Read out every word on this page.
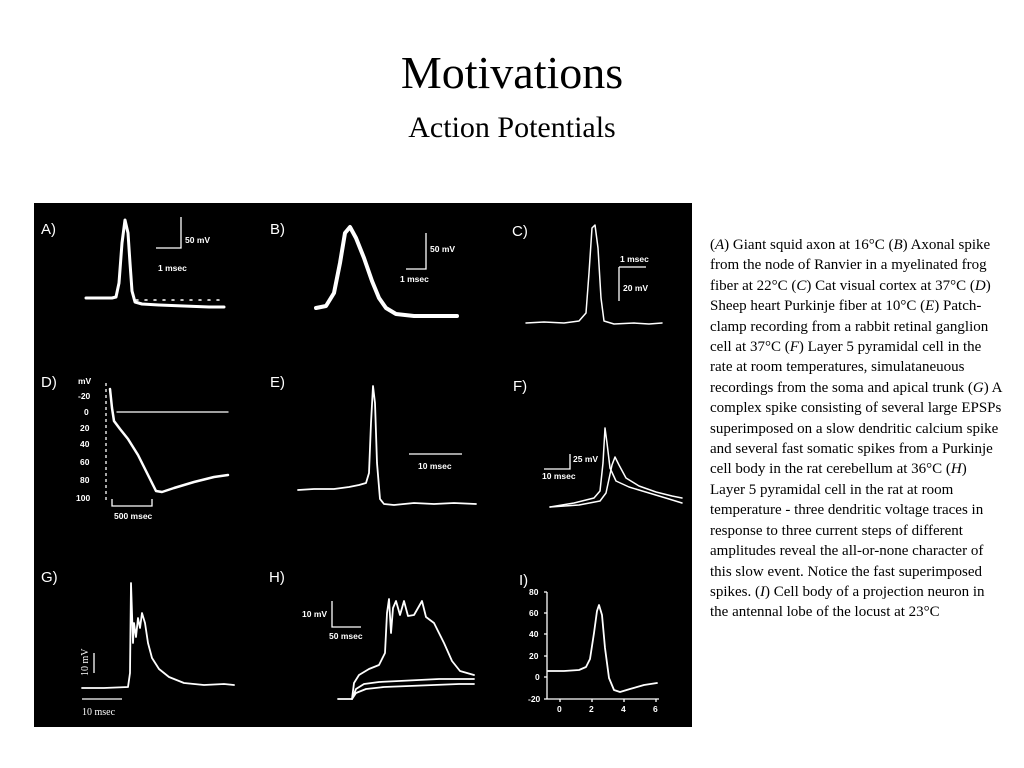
Motivations
Action Potentials
A)
50 mV
1 msec
B)
50 mV
1 msec
C)
1 msec
20 mV
D) mV
-20
0
20
40
60
80
100
500 msec
E)
10 msec
F)
25 mV
10 msec
G)
10 mV
10 msec
H)
10 mV
50 msec
I)
80
60
40
20
0
-20
0	2	4	6
(A) Giant squid axon at 16°C (B) Axonal spike from the node of Ranvier in a myelinated frog fiber at 22°C (C) Cat visual cortex at 37°C (D) Sheep heart Purkinje fiber at 10°C (E) Patch-clamp recording from a rabbit retinal ganglion cell at 37°C (F) Layer 5 pyramidal cell in the rate at room temperatures, simulataneuous recordings from the soma and apical trunk (G) A complex spike consisting of several large EPSPs superimposed on a slow dendritic calcium spike and several fast somatic spikes from a Purkinje cell body in the rat cerebellum at 36°C (H) Layer 5 pyramidal cell in the rat at room temperature - three dendritic voltage traces in response to three current steps of different amplitudes reveal the all-or-none character of this slow event. Notice the fast superimposed spikes. (I) Cell body of a projection neuron in the antennal lobe of the locust at 23°C
